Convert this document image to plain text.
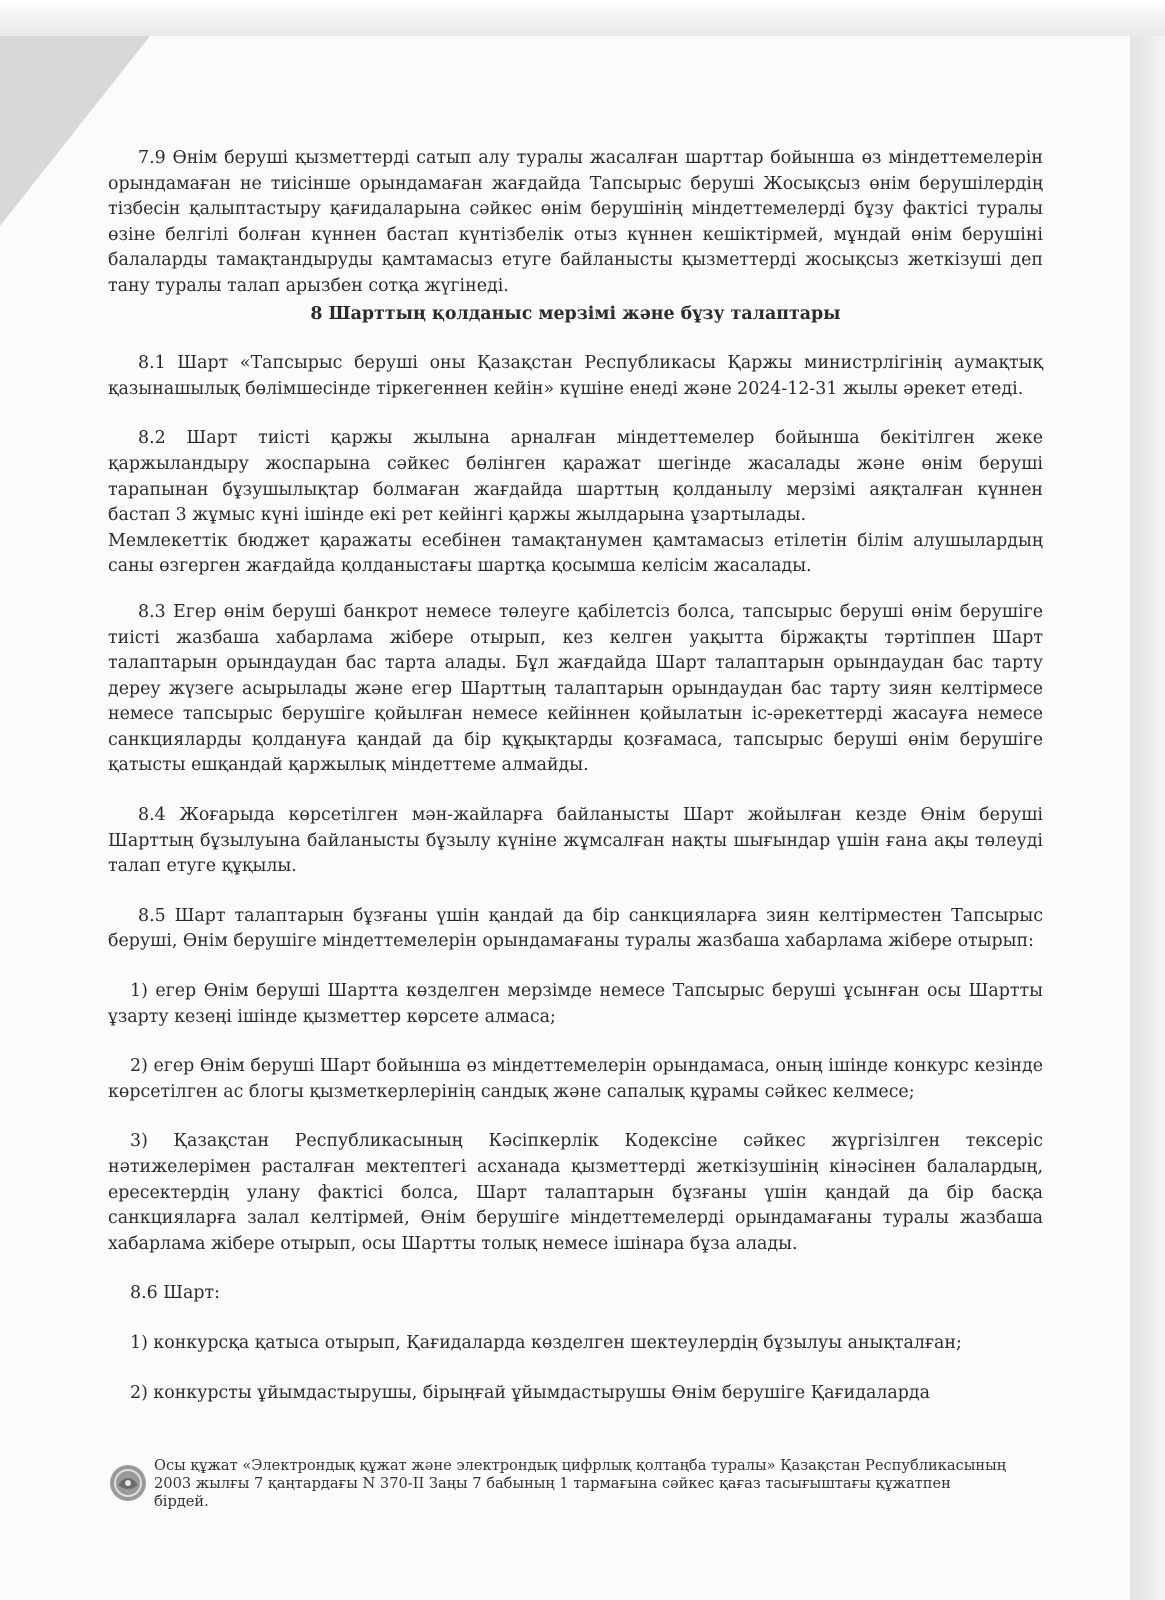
7.9 Өнім беруші қызметтерді сатып алу туралы жасалған шарттар бойынша өз міндеттемелерін орындамаған не тиісінше орындамаған жағдайда Тапсырыс беруші Жосықсыз өнім берушілердің тізбесін қалыптастыру қағидаларына сәйкес өнім берушінің міндеттемелерді бұзу фактісі туралы өзіне белгілі болған күннен бастап күнтізбелік отыз күннен кешіктірмей, мұндай өнім берушіні балаларды тамақтандыруды қамтамасыз етуге байланысты қызметтерді жосықсыз жеткізуші деп тану туралы талап арызбен сотқа жүгінеді.

8 Шарттың қолданыс мерзімі және бұзу талаптары

8.1 Шарт «Тапсырыс беруші оны Қазақстан Республикасы Қаржы министрлігінің аумақтық қазынашылық бөлімшесінде тіркегеннен кейін» күшіне енеді және 2024-12-31 жылы әрекет етеді.

8.2 Шарт тиісті қаржы жылына арналған міндеттемелер бойынша бекітілген жеке қаржыландыру жоспарына сәйкес бөлінген қаражат шегінде жасалады және өнім беруші тарапынан бұзушылықтар болмаған жағдайда шарттың қолданылу мерзімі аяқталған күннен бастап 3 жұмыс күні ішінде екі рет кейінгі қаржы жылдарына ұзартылады.

Мемлекеттік бюджет қаражаты есебінен тамақтанумен қамтамасыз етілетін білім алушылардың саны өзгерген жағдайда қолданыстағы шартқа қосымша келісім жасалады.

8.3 Егер өнім беруші банкрот немесе төлеуге қабілетсіз болса, тапсырыс беруші өнім берушіге тиісті жазбаша хабарлама жібере отырып, кез келген уақытта біржақты тәртіппен Шарт талаптарын орындаудан бас тарта алады. Бұл жағдайда Шарт талаптарын орындаудан бас тарту дереу жүзеге асырылады және егер Шарттың талаптарын орындаудан бас тарту зиян келтірмесе немесе тапсырыс берушіге қойылған немесе кейіннен қойылатын іс-әрекеттерді жасауға немесе санкцияларды қолдануға қандай да бір құқықтарды қозғамаса, тапсырыс беруші өнім берушіге қатысты ешқандай қаржылық міндеттеме алмайды.

8.4 Жоғарыда көрсетілген мән-жайларға байланысты Шарт жойылған кезде Өнім беруші Шарттың бұзылуына байланысты бұзылу күніне жұмсалған нақты шығындар үшін ғана ақы төлеуді талап етуге құқылы.

8.5 Шарт талаптарын бұзғаны үшін қандай да бір санкцияларға зиян келтірместен Тапсырыс беруші, Өнім берушіге міндеттемелерін орындамағаны туралы жазбаша хабарлама жібере отырып:

1) егер Өнім беруші Шартта көзделген мерзімде немесе Тапсырыс беруші ұсынған осы Шартты ұзарту кезеңі ішінде қызметтер көрсете алмаса;

2) егер Өнім беруші Шарт бойынша өз міндеттемелерін орындамаса, оның ішінде конкурс кезінде көрсетілген ас блогы қызметкерлерінің сандық және сапалық құрамы сәйкес келмесе;

3) Қазақстан Республикасының Кәсіпкерлік Кодексіне сәйкес жүргізілген тексеріс нәтижелерімен расталған мектептегі асханада қызметтерді жеткізушінің кінәсінен балалардың, ересектердің улану фактісі болса, Шарт талаптарын бұзғаны үшін қандай да бір басқа санкцияларға залал келтірмей, Өнім берушіге міндеттемелерді орындамағаны туралы жазбаша хабарлама жібере отырып, осы Шартты толық немесе ішінара бұза алады.

8.6 Шарт:

1) конкурсқа қатыса отырып, Қағидаларда көзделген шектеулердің бұзылуы анықталған;

2) конкурсты ұйымдастырушы, бірыңғай ұйымдастырушы Өнім берушіге Қағидаларда

Осы құжат «Электрондық құжат және электрондық цифрлық қолтаңба туралы» Қазақстан Республикасының 2003 жылғы 7 қаңтардағы N 370-II Заңы 7 бабының 1 тармағына сәйкес қағаз тасығыштағы құжатпен бірдей.
